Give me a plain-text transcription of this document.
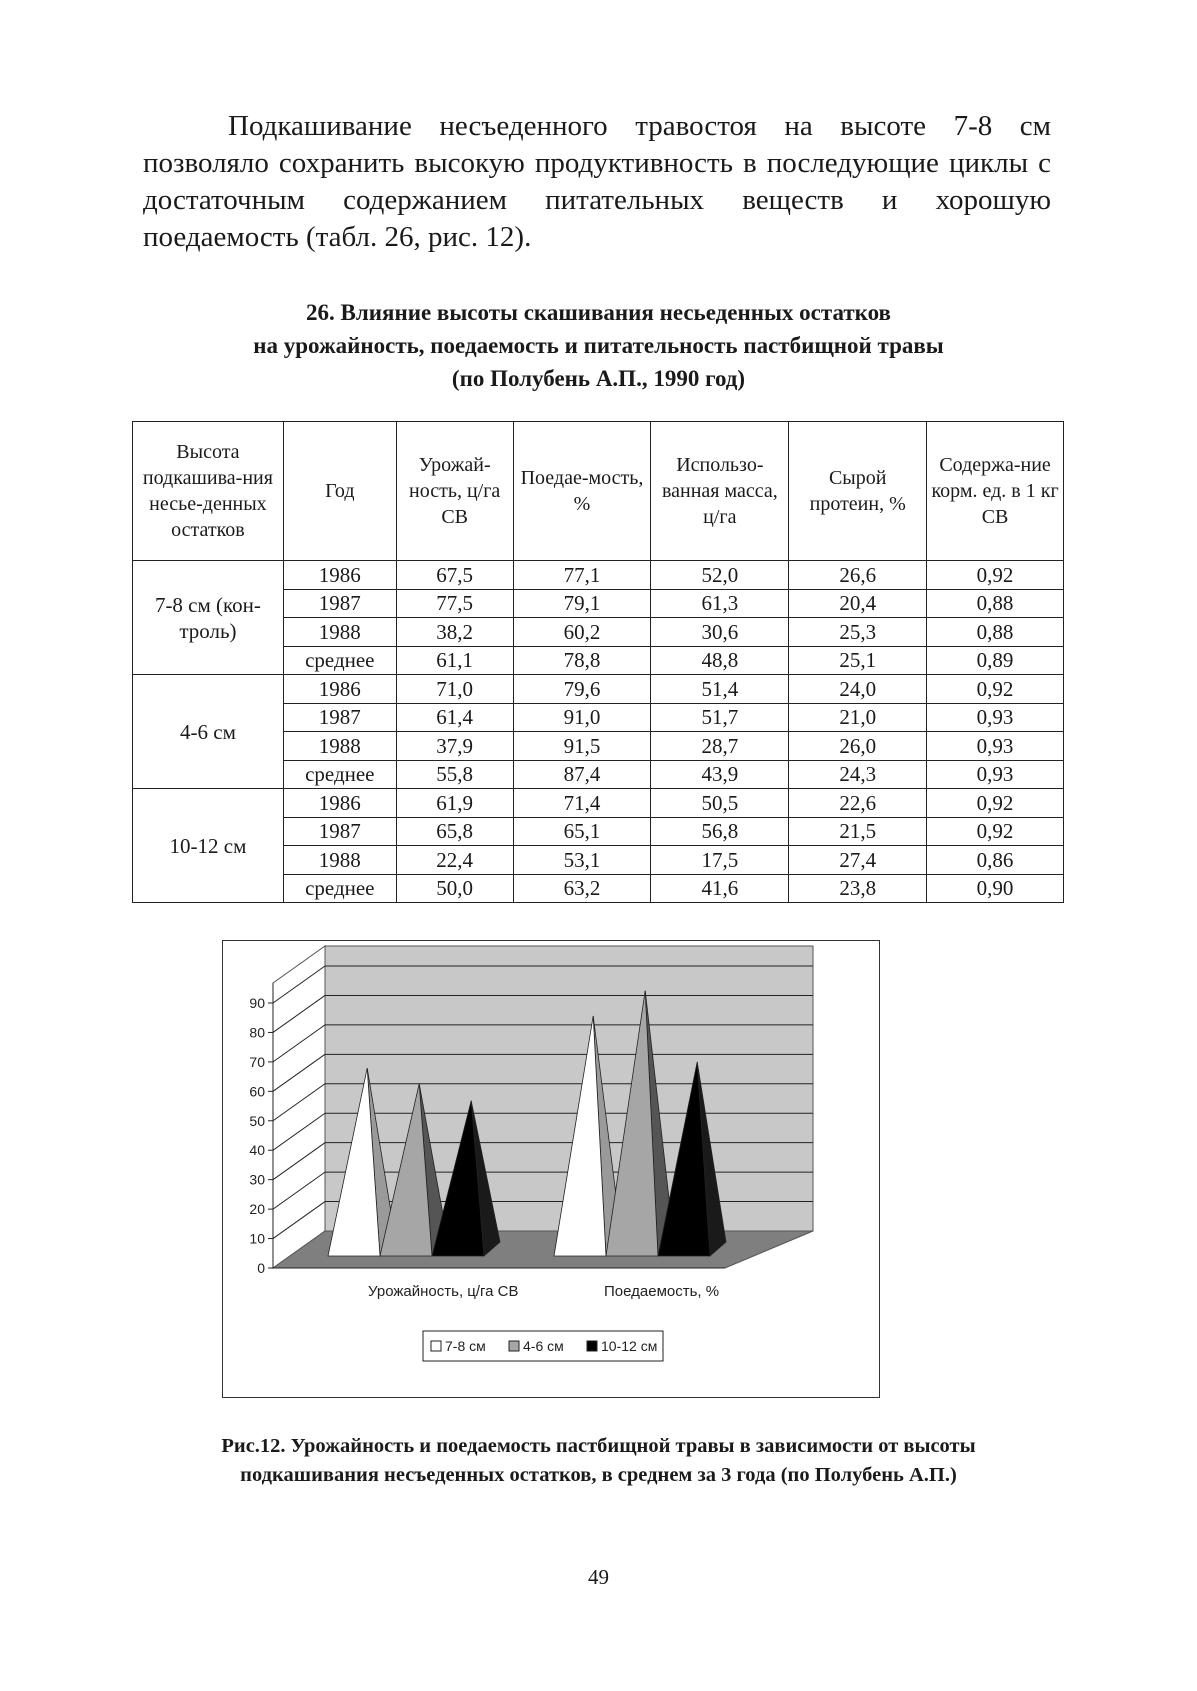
Подкашивание несъеденного травостоя на высоте 7-8 см позволяло сохранить высокую продуктивность в последующие циклы с достаточным содержанием питательных веществ и хорошую поедаемость (табл. 26, рис. 12).

26. Влияние высоты скашивания несьеденных остатков
на урожайность, поедаемость и питательность пастбищной травы
(по Полубень А.П., 1990 год)
Высота подкашива-ния несье-денных остатков	Год	Урожай-ность, ц/га СВ	Поедае-мость, %	Использо-ванная масса, ц/га	Сырой протеин, %	Содержа-ние корм. ед. в 1 кг СВ
7-8 см (кон-троль)	1986	67,5	77,1	52,0	26,6	0,92
	1987	77,5	79,1	61,3	20,4	0,88
	1988	38,2	60,2	30,6	25,3	0,88
	среднее	61,1	78,8	48,8	25,1	0,89
4-6 см	1986	71,0	79,6	51,4	24,0	0,92
	1987	61,4	91,0	51,7	21,0	0,93
	1988	37,9	91,5	28,7	26,0	0,93
	среднее	55,8	87,4	43,9	24,3	0,93
10-12 см	1986	61,9	71,4	50,5	22,6	0,92
	1987	65,8	65,1	56,8	21,5	0,92
	1988	22,4	53,1	17,5	27,4	0,86
	среднее	50,0	63,2	41,6	23,8	0,90
0
10
20
30
40
50
60
70
80
90
Урожайность, ц/га СВ	Поедаемость, %
7-8 см	4-6 см	10-12 см
Рис.12. Урожайность и поедаемость пастбищной травы в зависимости от высоты
подкашивания несъеденных остатков, в среднем за 3 года (по Полубень А.П.)
49
